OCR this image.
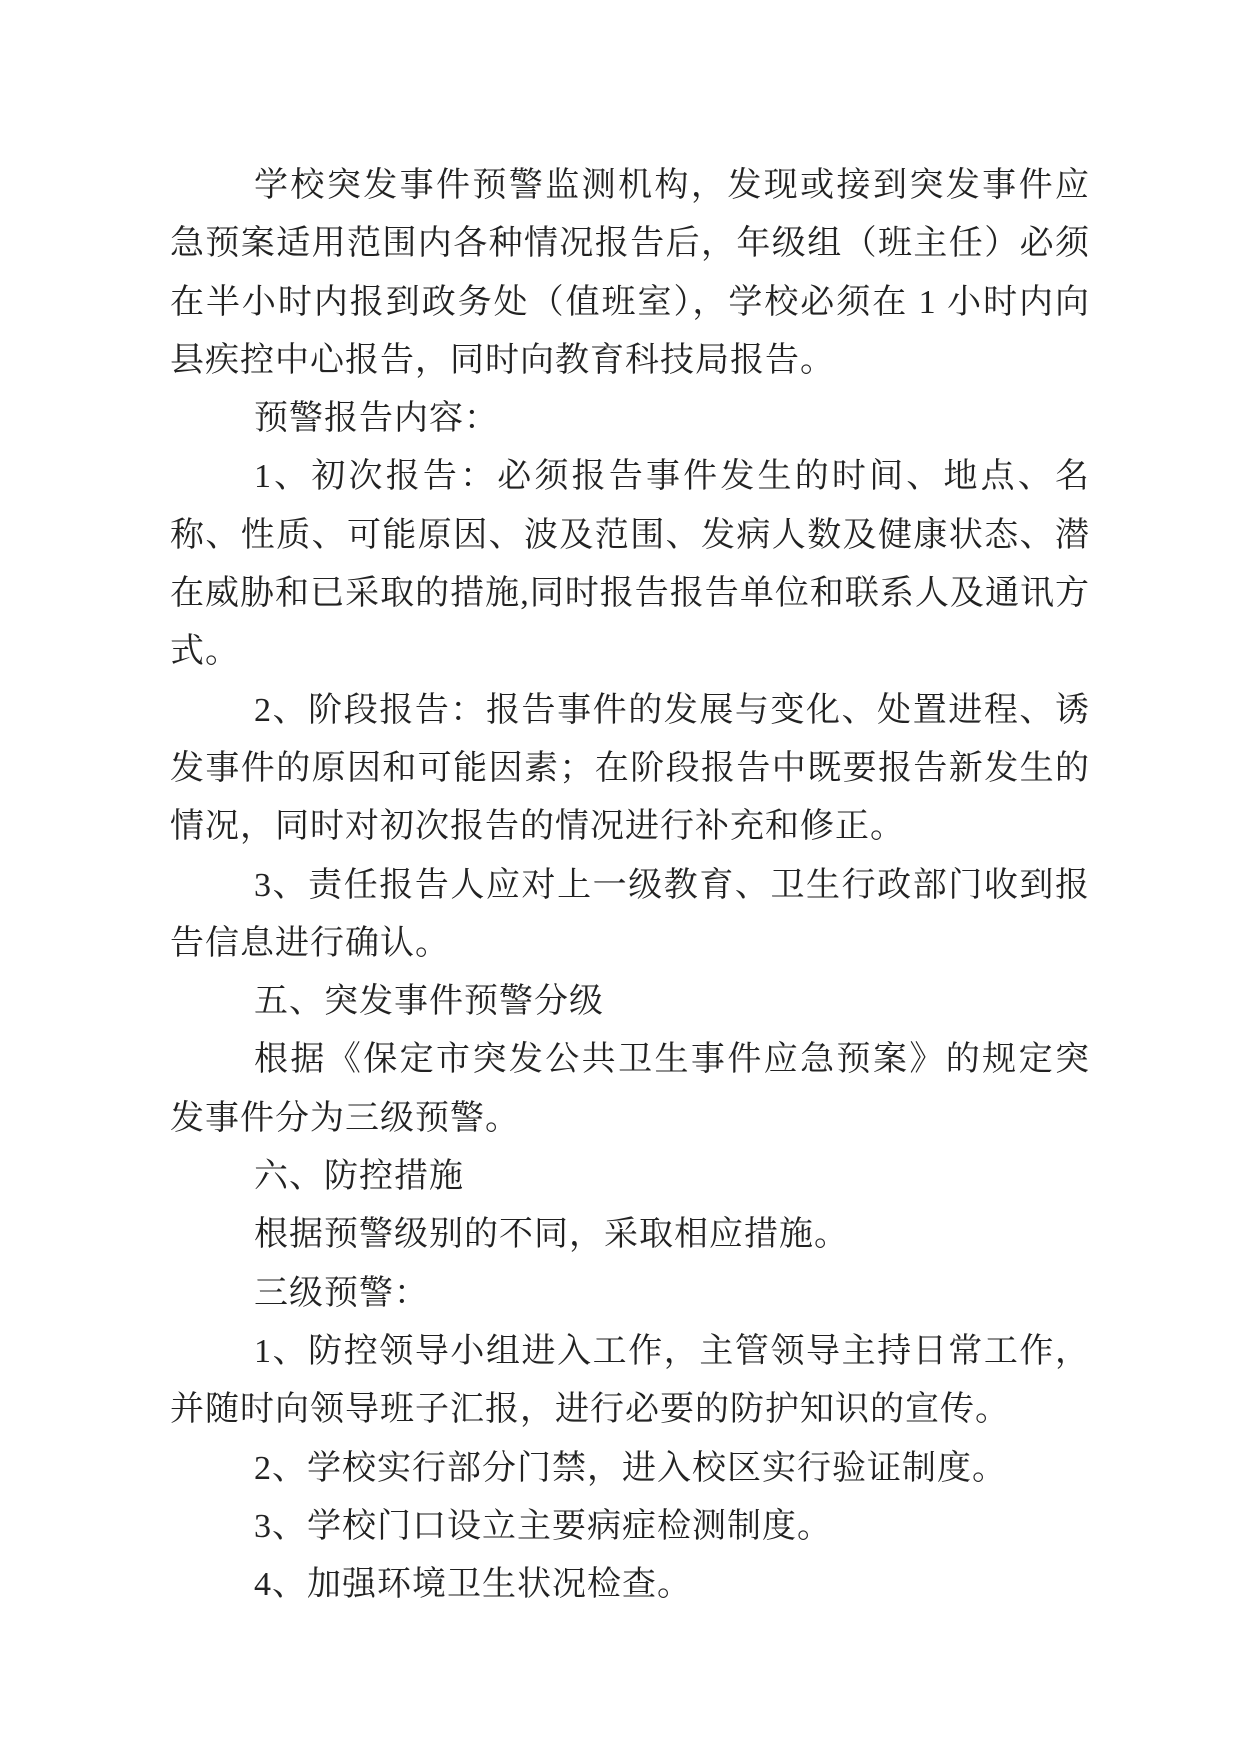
学校突发事件预警监测机构，发现或接到突发事件应急预案适用范围内各种情况报告后，年级组（班主任）必须在半小时内报到政务处（值班室），学校必须在 1 小时内向县疾控中心报告，同时向教育科技局报告。

预警报告内容：

1、初次报告：必须报告事件发生的时间、地点、名称、性质、可能原因、波及范围、发病人数及健康状态、潜在威胁和已采取的措施,同时报告报告单位和联系人及通讯方式。

2、阶段报告：报告事件的发展与变化、处置进程、诱发事件的原因和可能因素；在阶段报告中既要报告新发生的情况，同时对初次报告的情况进行补充和修正。

3、责任报告人应对上一级教育、卫生行政部门收到报告信息进行确认。

五、突发事件预警分级

根据《保定市突发公共卫生事件应急预案》的规定突发事件分为三级预警。

六、防控措施

根据预警级别的不同，采取相应措施。

三级预警：

1、防控领导小组进入工作，主管领导主持日常工作，并随时向领导班子汇报，进行必要的防护知识的宣传。

2、学校实行部分门禁，进入校区实行验证制度。

3、学校门口设立主要病症检测制度。

4、加强环境卫生状况检查。
